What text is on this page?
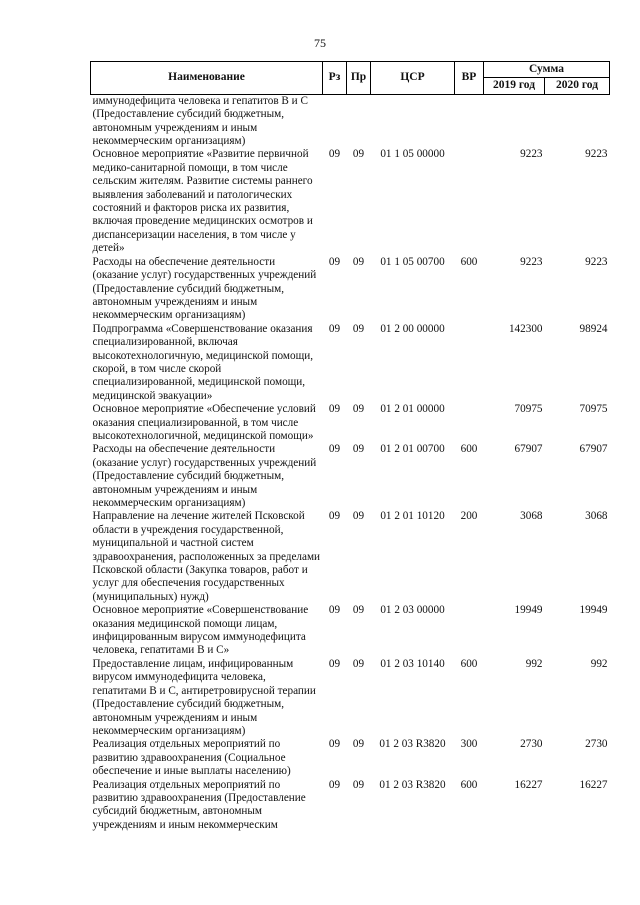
75
Наименование	Рз	Пр	ЦСР	ВР	Сумма	
					2019 год	2020 год
иммунодефицита человека и гепатитов В и С (Предоставление субсидий бюджетным, автономным учреждениям и иным некоммерческим организациям)						
Основное мероприятие «Развитие первичной медико-санитарной помощи, в том числе сельским жителям. Развитие системы раннего выявления заболеваний и патологических состояний и факторов риска их развития, включая проведение медицинских осмотров и диспансеризации населения, в том числе у детей»	09	09	01 1 05 00000		9223	9223
Расходы на обеспечение деятельности (оказание услуг) государственных учреждений (Предоставление субсидий бюджетным, автономным учреждениям и иным некоммерческим организациям)	09	09	01 1 05 00700	600	9223	9223
Подпрограмма «Совершенствование оказания специализированной, включая высокотехнологичную, медицинской помощи, скорой, в том числе скорой специализированной, медицинской помощи, медицинской эвакуации»	09	09	01 2 00 00000		142300	98924
Основное мероприятие «Обеспечение условий оказания специализированной, в том числе высокотехнологичной, медицинской помощи»	09	09	01 2 01 00000		70975	70975
Расходы на обеспечение деятельности (оказание услуг) государственных учреждений (Предоставление субсидий бюджетным, автономным учреждениям и иным некоммерческим организациям)	09	09	01 2 01 00700	600	67907	67907
Направление на лечение жителей Псковской области в учреждения государственной, муниципальной и частной систем здравоохранения, расположенных за пределами Псковской области (Закупка товаров, работ и услуг для обеспечения государственных (муниципальных) нужд)	09	09	01 2 01 10120	200	3068	3068
Основное мероприятие «Совершенствование оказания медицинской помощи лицам, инфицированным вирусом иммунодефицита человека, гепатитами В и С»	09	09	01 2 03 00000		19949	19949
Предоставление лицам, инфицированным вирусом иммунодефицита человека, гепатитами В и С, антиретровирусной терапии (Предоставление субсидий бюджетным, автономным учреждениям и иным некоммерческим организациям)	09	09	01 2 03 10140	600	992	992
Реализация отдельных мероприятий по развитию здравоохранения (Социальное обеспечение и иные выплаты населению)	09	09	01 2 03 R3820	300	2730	2730
Реализация отдельных мероприятий по развитию здравоохранения (Предоставление субсидий бюджетным, автономным учреждениям и иным некоммерческим	09	09	01 2 03 R3820	600	16227	16227
